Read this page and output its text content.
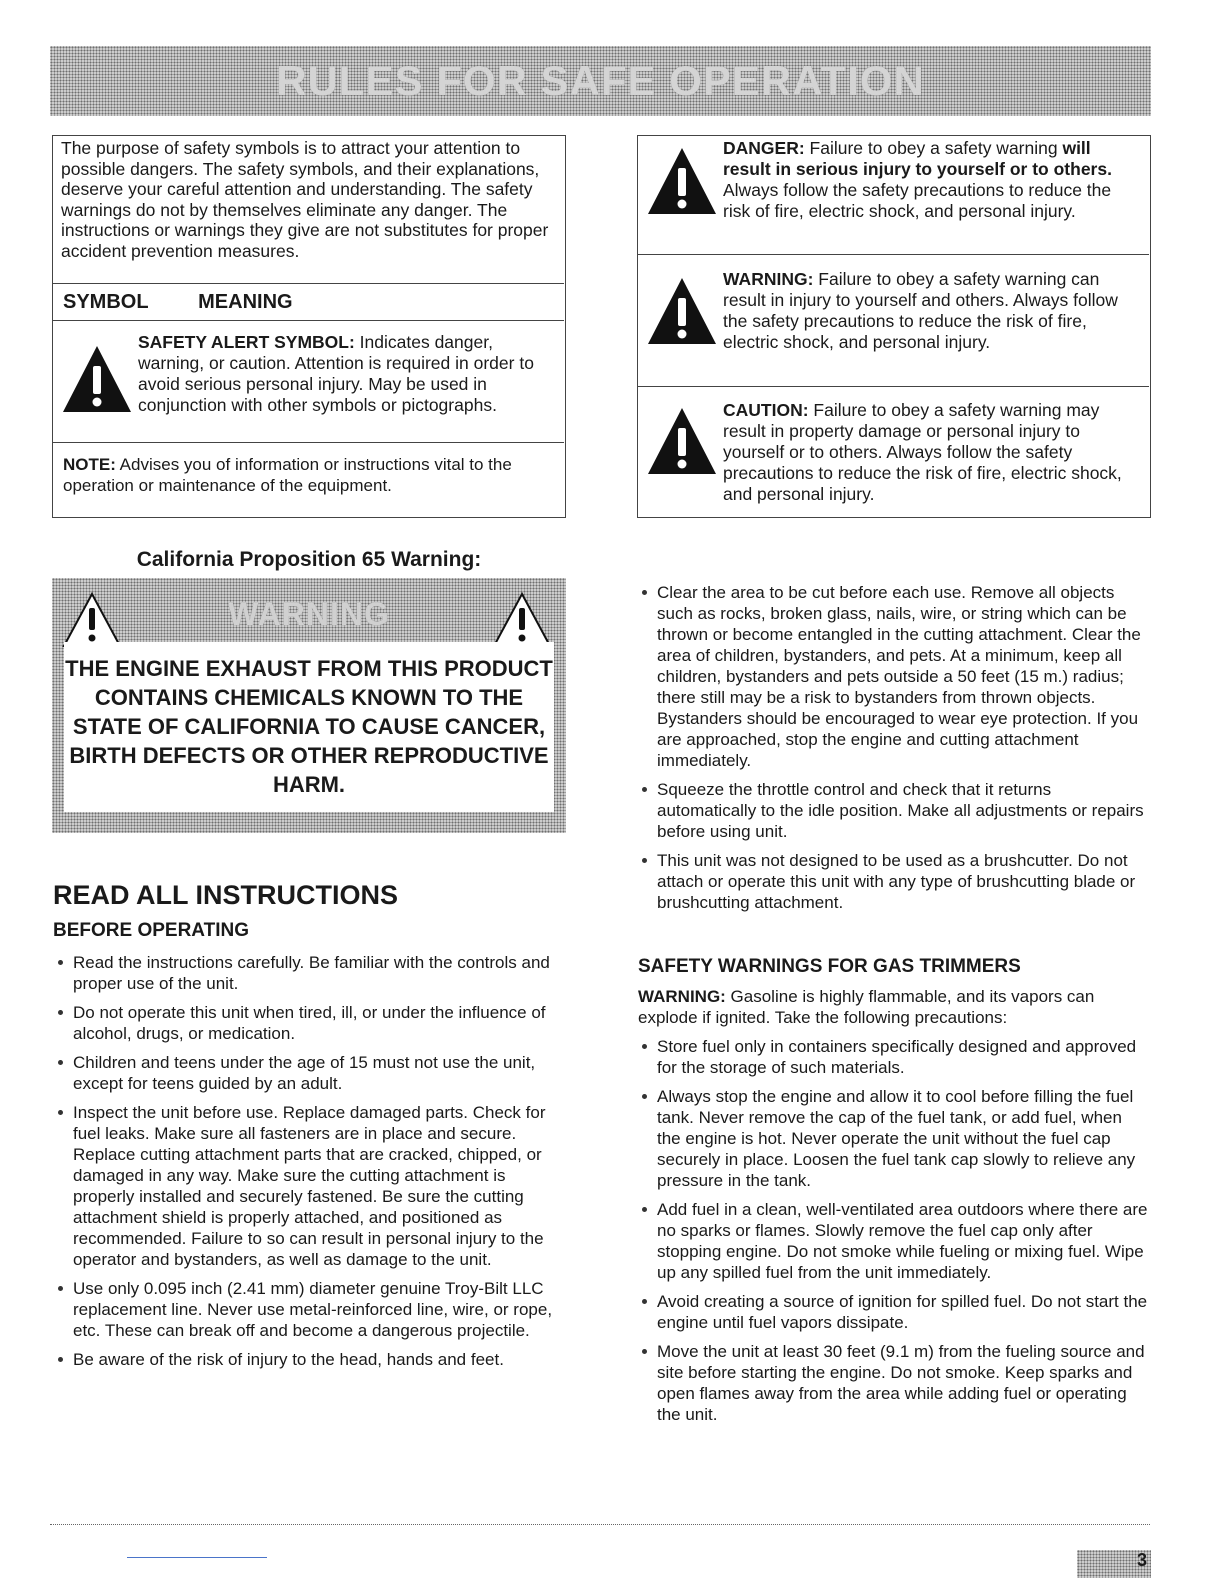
RULES FOR SAFE OPERATION
The purpose of safety symbols is to attract your attention to possible dangers. The safety symbols, and their explanations, deserve your careful attention and understanding. The safety warnings do not by themselves eliminate any danger. The instructions or warnings they give are not substitutes for proper accident prevention measures.
SYMBOL MEANING
SAFETY ALERT SYMBOL: Indicates danger, warning, or caution. Attention is required in order to avoid serious personal injury. May be used in conjunction with other symbols or pictographs.
NOTE: Advises you of information or instructions vital to the operation or maintenance of the equipment.
DANGER: Failure to obey a safety warning will result in serious injury to yourself or to others. Always follow the safety precautions to reduce the risk of fire, electric shock, and personal injury.
WARNING: Failure to obey a safety warning can result in injury to yourself and others. Always follow the safety precautions to reduce the risk of fire, electric shock, and personal injury.
CAUTION: Failure to obey a safety warning may result in property damage or personal injury to yourself or to others. Always follow the safety precautions to reduce the risk of fire, electric shock, and personal injury.
California Proposition 65 Warning:
WARNING
THE ENGINE EXHAUST FROM THIS PRODUCT CONTAINS CHEMICALS KNOWN TO THE STATE OF CALIFORNIA TO CAUSE CANCER, BIRTH DEFECTS OR OTHER REPRODUCTIVE HARM.
READ ALL INSTRUCTIONS
BEFORE OPERATING
Read the instructions carefully. Be familiar with the controls and proper use of the unit.
Do not operate this unit when tired, ill, or under the influence of alcohol, drugs, or medication.
Children and teens under the age of 15 must not use the unit, except for teens guided by an adult.
Inspect the unit before use. Replace damaged parts. Check for fuel leaks. Make sure all fasteners are in place and secure. Replace cutting attachment parts that are cracked, chipped, or damaged in any way. Make sure the cutting attachment is properly installed and securely fastened. Be sure the cutting attachment shield is properly attached, and positioned as recommended. Failure to so can result in personal injury to the operator and bystanders, as well as damage to the unit.
Use only 0.095 inch (2.41 mm) diameter genuine Troy-Bilt LLC replacement line. Never use metal-reinforced line, wire, or rope, etc. These can break off and become a dangerous projectile.
Be aware of the risk of injury to the head, hands and feet.
Clear the area to be cut before each use. Remove all objects such as rocks, broken glass, nails, wire, or string which can be thrown or become entangled in the cutting attachment. Clear the area of children, bystanders, and pets. At a minimum, keep all children, bystanders and pets outside a 50 feet (15 m.) radius; there still may be a risk to bystanders from thrown objects. Bystanders should be encouraged to wear eye protection. If you are approached, stop the engine and cutting attachment immediately.
Squeeze the throttle control and check that it returns automatically to the idle position. Make all adjustments or repairs before using unit.
This unit was not designed to be used as a brushcutter. Do not attach or operate this unit with any type of brushcutting blade or brushcutting attachment.
SAFETY WARNINGS FOR GAS TRIMMERS
WARNING: Gasoline is highly flammable, and its vapors can explode if ignited. Take the following precautions:
Store fuel only in containers specifically designed and approved for the storage of such materials.
Always stop the engine and allow it to cool before filling the fuel tank. Never remove the cap of the fuel tank, or add fuel, when the engine is hot. Never operate the unit without the fuel cap securely in place. Loosen the fuel tank cap slowly to relieve any pressure in the tank.
Add fuel in a clean, well-ventilated area outdoors where there are no sparks or flames. Slowly remove the fuel cap only after stopping engine. Do not smoke while fueling or mixing fuel. Wipe up any spilled fuel from the unit immediately.
Avoid creating a source of ignition for spilled fuel. Do not start the engine until fuel vapors dissipate.
Move the unit at least 30 feet (9.1 m) from the fueling source and site before starting the engine. Do not smoke. Keep sparks and open flames away from the area while adding fuel or operating the unit.
3
